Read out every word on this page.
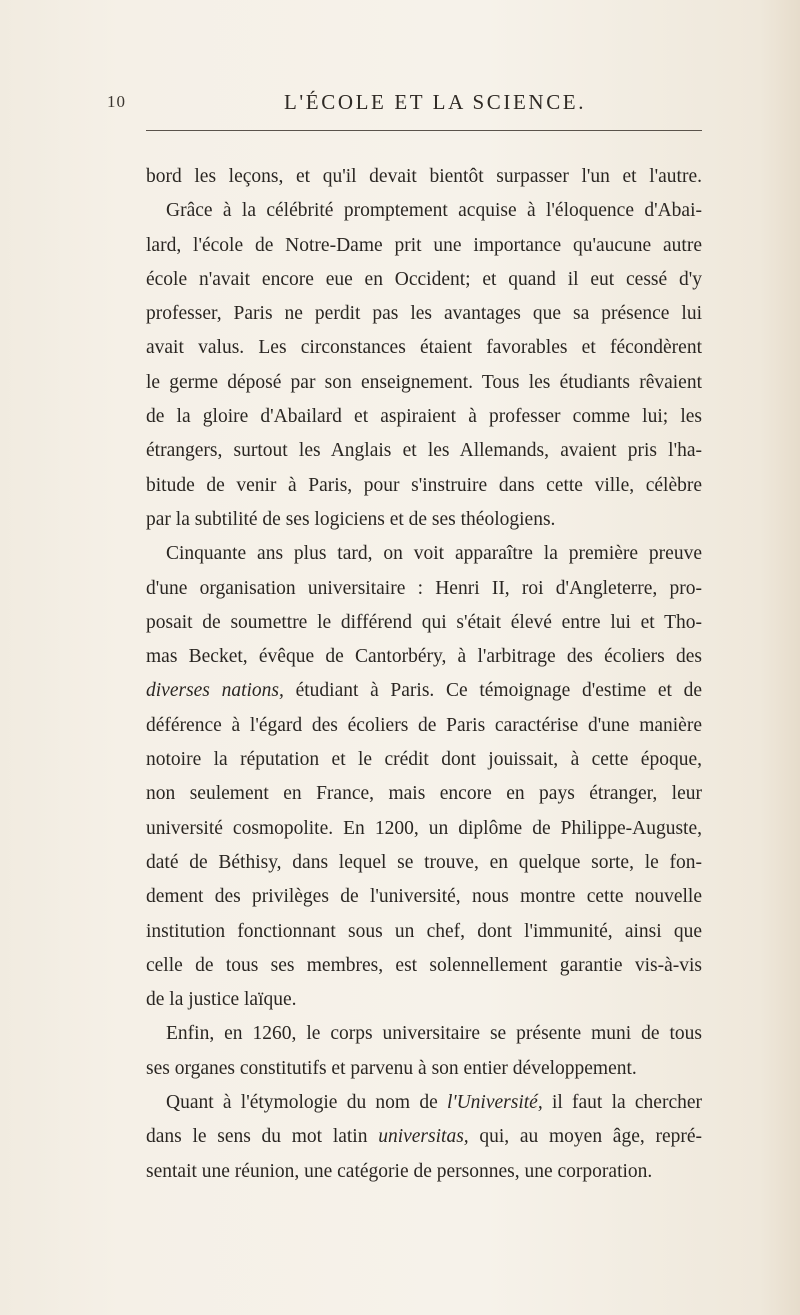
10	L'ÉCOLE ET LA SCIENCE.
bord les leçons, et qu'il devait bientôt surpasser l'un et l'autre.
Grâce à la célébrité promptement acquise à l'éloquence d'Abai-
lard, l'école de Notre-Dame prit une importance qu'aucune autre
école n'avait encore eue en Occident; et quand il eut cessé d'y
professer, Paris ne perdit pas les avantages que sa présence lui
avait valus. Les circonstances étaient favorables et fécondèrent
le germe déposé par son enseignement. Tous les étudiants rêvaient
de la gloire d'Abailard et aspiraient à professer comme lui; les
étrangers, surtout les Anglais et les Allemands, avaient pris l'ha-
bitude de venir à Paris, pour s'instruire dans cette ville, célèbre
par la subtilité de ses logiciens et de ses théologiens.
Cinquante ans plus tard, on voit apparaître la première preuve
d'une organisation universitaire : Henri II, roi d'Angleterre, pro-
posait de soumettre le différend qui s'était élevé entre lui et Tho-
mas Becket, évêque de Cantorbéry, à l'arbitrage des écoliers des
diverses nations, étudiant à Paris. Ce témoignage d'estime et de
déférence à l'égard des écoliers de Paris caractérise d'une manière
notoire la réputation et le crédit dont jouissait, à cette époque,
non seulement en France, mais encore en pays étranger, leur
université cosmopolite. En 1200, un diplôme de Philippe-Auguste,
daté de Béthisy, dans lequel se trouve, en quelque sorte, le fon-
dement des privilèges de l'université, nous montre cette nouvelle
institution fonctionnant sous un chef, dont l'immunité, ainsi que
celle de tous ses membres, est solennellement garantie vis-à-vis
de la justice laïque.
Enfin, en 1260, le corps universitaire se présente muni de tous
ses organes constitutifs et parvenu à son entier développement.
Quant à l'étymologie du nom de l'Université, il faut la chercher
dans le sens du mot latin universitas, qui, au moyen âge, repré-
sentait une réunion, une catégorie de personnes, une corporation.
